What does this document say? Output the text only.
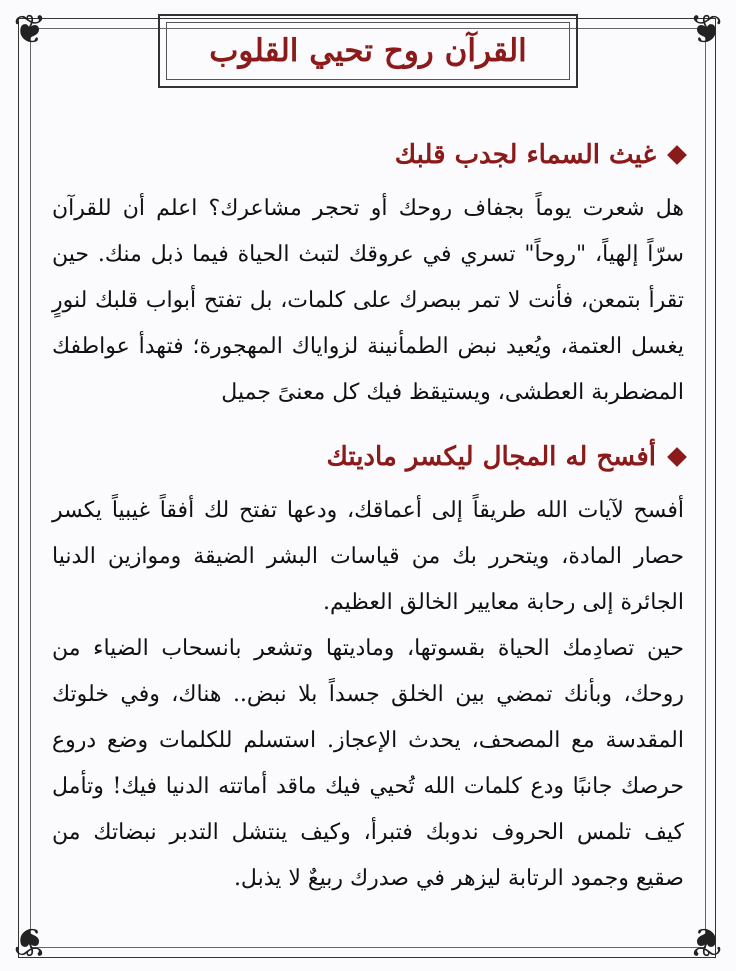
❦	❦
❦	❦
القرآن روح تحيي القلوب
غيث السماء لجدب قلبك

هل شعرت يوماً بجفاف روحك أو تحجر مشاعرك؟ اعلم أن للقرآن سرّاً إلهياً، "روحاً" تسري في عروقك لتبث الحياة فيما ذبل منك. حين تقرأ بتمعن، فأنت لا تمر ببصرك على كلمات، بل تفتح أبواب قلبك لنورٍ يغسل العتمة، ويُعيد نبض الطمأنينة لزواياك المهجورة؛ فتهدأ عواطفك المضطربة العطشى، ويستيقظ فيك كل معنىً جميل

أفسح له المجال ليكسر ماديتك

أفسح لآيات الله طريقاً إلى أعماقك، ودعها تفتح لك أفقاً غيبياً يكسر حصار المادة، ويتحرر بك من قياسات البشر الضيقة وموازين الدنيا الجائرة إلى رحابة معايير الخالق العظيم.

حين تصادِمك الحياة بقسوتها، وماديتها وتشعر بانسحاب الضياء من روحك، وبأنك تمضي بين الخلق جسداً بلا نبض.. هناك، وفي خلوتك المقدسة مع المصحف، يحدث الإعجاز. استسلم للكلمات وضع دروع حرصك جانبًا ودع كلمات الله تُحيي فيك ماقد أماتته الدنيا فيك! وتأمل كيف تلمس الحروف ندوبك فتبرأ، وكيف ينتشل التدبر نبضاتك من صقيع وجمود الرتابة ليزهر في صدرك ربيعٌ لا يذبل.
